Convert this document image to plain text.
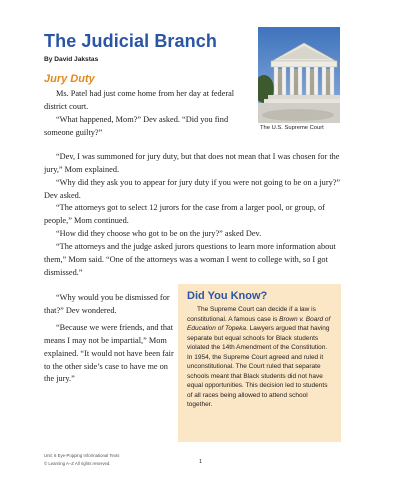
The Judicial Branch
By David Jakstas
The U.S. Supreme Court
Jury Duty

Ms. Patel had just come home from her day at federal district court.

“What happened, Mom?” Dev asked. “Did you find someone guilty?”

“Dev, I was summoned for jury duty, but that does not mean that I was chosen for the jury,” Mom explained.

“Why did they ask you to appear for jury duty if you were not going to be on a jury?” Dev asked.

“The attorneys got to select 12 jurors for the case from a larger pool, or group, of people,” Mom continued.

“How did they choose who got to be on the jury?” asked Dev.

“The attorneys and the judge asked jurors questions to learn more information about them,” Mom said. “One of the attorneys was a woman I went to college with, so I got dismissed.”

“Why would you be dismissed for that?” Dev wondered.

“Because we were friends, and that means I may not be impartial,” Mom explained. “It would not have been fair to the other side’s case to have me on the jury.”

Did You Know?

The Supreme Court can decide if a law is constitutional. A famous case is Brown v. Board of Education of Topeka. Lawyers argued that having separate but equal schools for Black students violated the 14th Amendment of the Constitution. In 1954, the Supreme Court agreed and ruled it unconstitutional. The Court ruled that separate schools meant that Black students did not have equal opportunities. This decision led to students of all races being allowed to attend school together.

Unit: 6 Eye-Popping Informational Texts
© Learning A–Z All rights reserved.	1
